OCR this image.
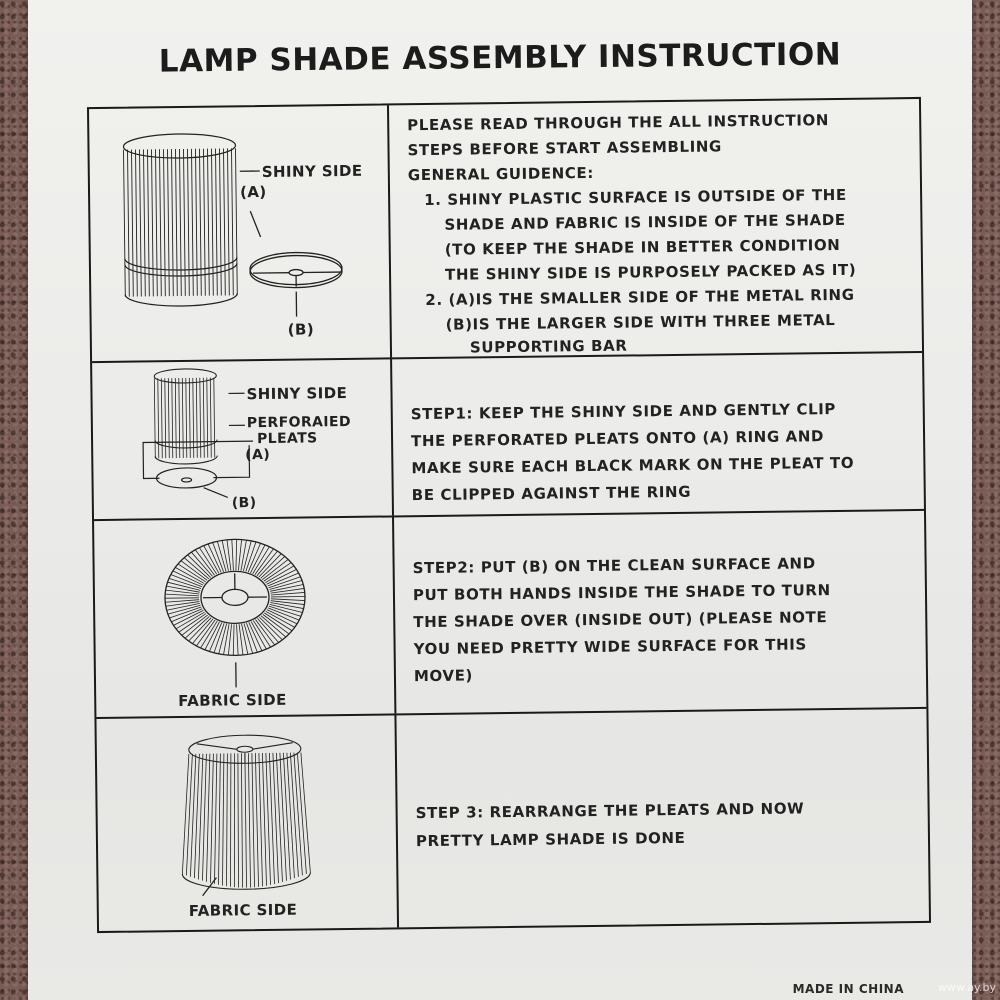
LAMP SHADE ASSEMBLY INSTRUCTION
SHINY SIDE
(A)
(B)
PLEASE READ THROUGH THE ALL INSTRUCTION
STEPS BEFORE START ASSEMBLING
GENERAL GUIDENCE:
1. SHINY PLASTIC SURFACE IS OUTSIDE OF THE
SHADE AND FABRIC IS INSIDE OF THE SHADE
(TO KEEP THE SHADE IN BETTER CONDITION
THE SHINY SIDE IS PURPOSELY PACKED AS IT)
2. (A)IS THE SMALLER SIDE OF THE METAL RING
(B)IS THE LARGER SIDE WITH THREE METAL
SUPPORTING BAR
SHINY SIDE
PERFORAIED
PLEATS
(A)
(B)
STEP1: KEEP THE SHINY SIDE AND GENTLY CLIP
THE PERFORATED PLEATS ONTO (A) RING AND
MAKE SURE EACH BLACK MARK ON THE PLEAT TO
BE CLIPPED AGAINST THE RING
FABRIC SIDE
STEP2: PUT (B) ON THE CLEAN SURFACE AND
PUT BOTH HANDS INSIDE THE SHADE TO TURN
THE SHADE OVER (INSIDE OUT) (PLEASE NOTE
YOU NEED PRETTY WIDE SURFACE FOR THIS
MOVE)
FABRIC SIDE
STEP 3: REARRANGE THE PLEATS AND NOW
PRETTY LAMP SHADE IS DONE
MADE IN CHINA	www.ay.by
